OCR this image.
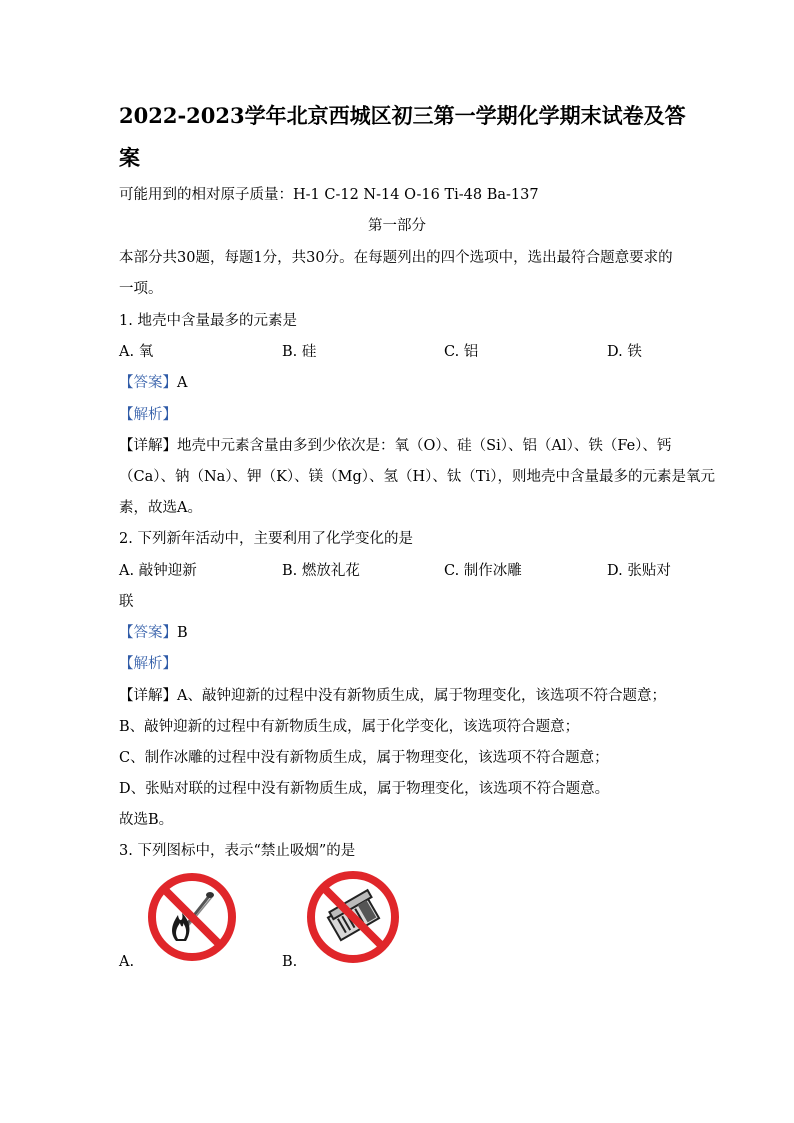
2022-2023学年北京西城区初三第一学期化学期末试卷及答
案
可能用到的相对原子质量：H-1 C-12 N-14 O-16 Ti-48 Ba-137
第一部分
本部分共30题，每题1分，共30分。在每题列出的四个选项中，选出最符合题意要求的
一项。
1. 地壳中含量最多的元素是
A. 氧	B. 硅	C. 铝	D. 铁
【答案】A
【解析】
【详解】地壳中元素含量由多到少依次是：氧（O）、硅（Si）、铝（Al）、铁（Fe）、钙
（Ca）、钠（Na）、钾（K）、镁（Mg）、氢（H）、钛（Ti），则地壳中含量最多的元素是氧元
素，故选A。
2. 下列新年活动中，主要利用了化学变化的是
A. 敲钟迎新	B. 燃放礼花	C. 制作冰雕	D. 张贴对
联
【答案】B
【解析】
【详解】A、敲钟迎新的过程中没有新物质生成，属于物理变化，该选项不符合题意；
B、敲钟迎新的过程中有新物质生成，属于化学变化，该选项符合题意；
C、制作冰雕的过程中没有新物质生成，属于物理变化，该选项不符合题意；
D、张贴对联的过程中没有新物质生成，属于物理变化，该选项不符合题意。
故选B。
3. 下列图标中，表示“禁止吸烟”的是
A.	B.
